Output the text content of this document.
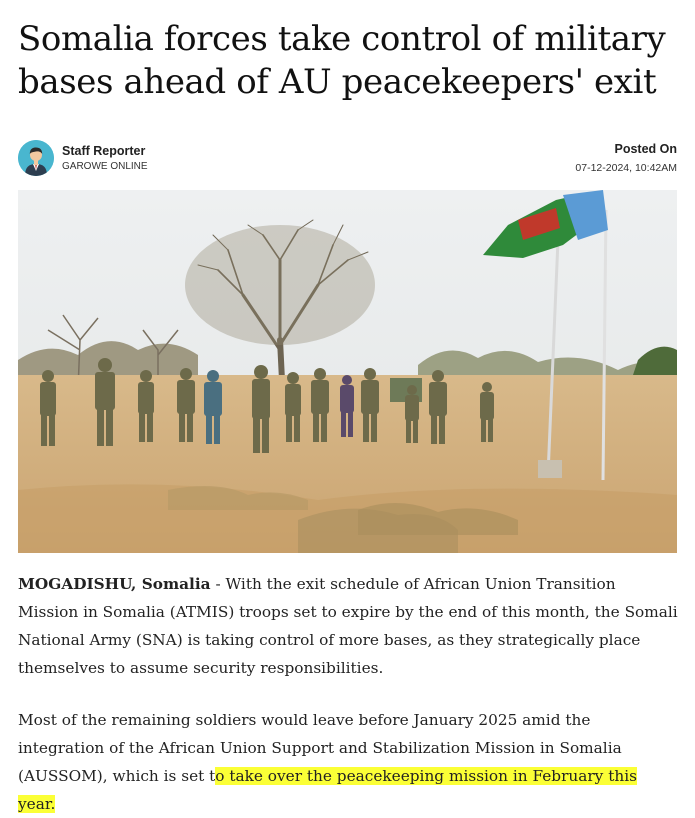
Somalia forces take control of military bases ahead of AU peacekeepers' exit
Staff Reporter
GAROWE ONLINE
Posted On
07-12-2024, 10:42AM

MOGADISHU, Somalia - With the exit schedule of African Union Transition Mission in Somalia (ATMIS) troops set to expire by the end of this month, the Somali National Army (SNA) is taking control of more bases, as they strategically place themselves to assume security responsibilities.

Most of the remaining soldiers would leave before January 2025 amid the integration of the African Union Support and Stabilization Mission in Somalia (AUSSOM), which is set to take over the peacekeeping mission in February this year.
